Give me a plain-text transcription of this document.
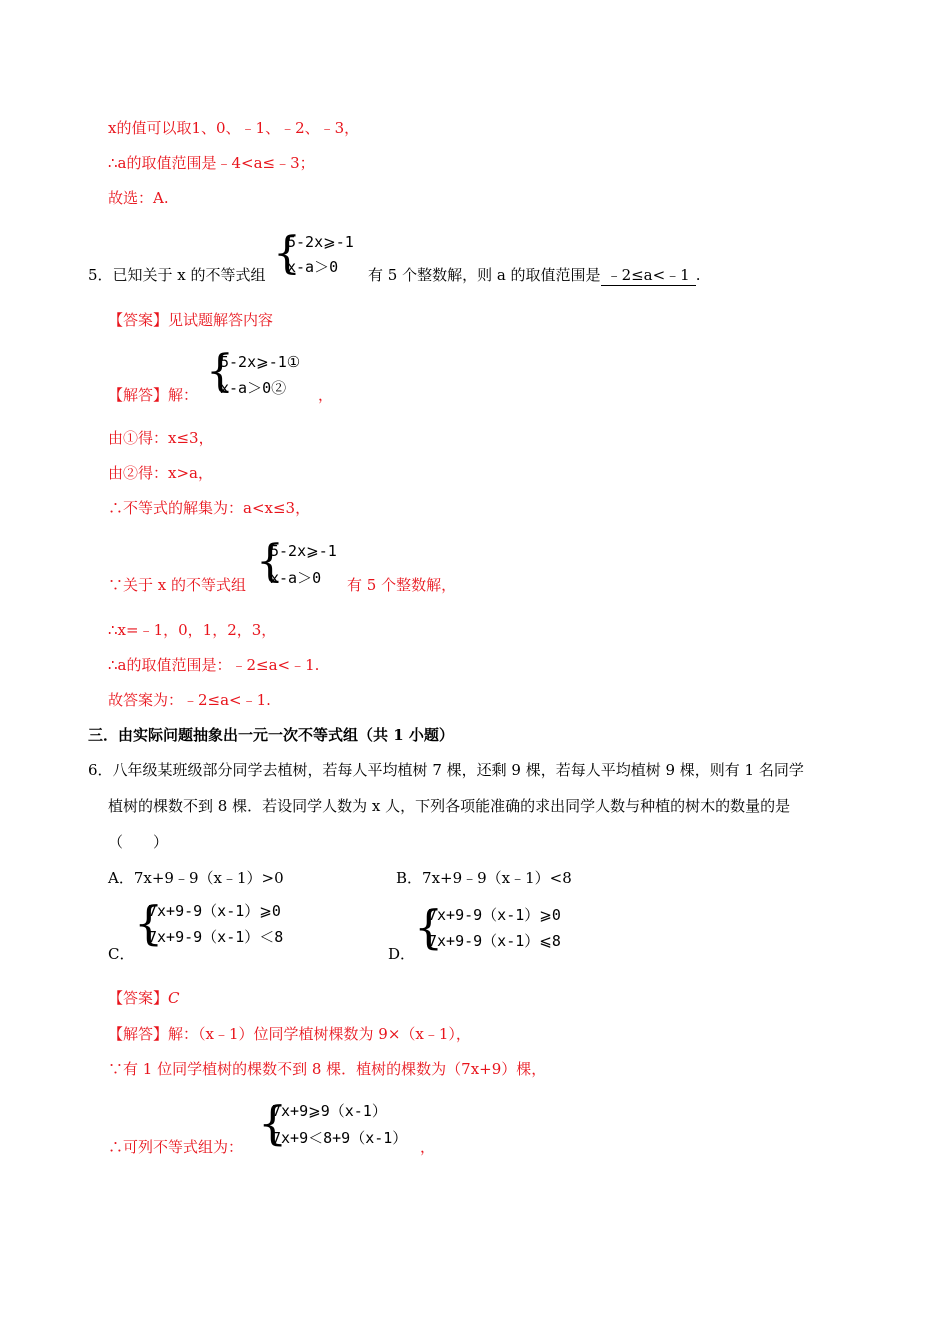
x的值可以取1、0、﹣1、﹣2、﹣3，
∴a的取值范围是﹣4<a≤﹣3；
故选：A.
5．已知关于 x 的不等式组 {
5-2x⩾-1
x-a＞0 有 5 个整数解，则 a 的取值范围是 ﹣2≤a<﹣1 .
【答案】见试题解答内容
【解答】解： {
5-2x⩾-1①
x-a＞0② ，
由①得：x≤3，
由②得：x>a，
∴不等式的解集为：a<x≤3，
∵关于 x 的不等式组 {
5-2x⩾-1
x-a＞0 有 5 个整数解，
∴x=﹣1，0，1，2，3，
∴a的取值范围是：﹣2≤a<﹣1.
故答案为：﹣2≤a<﹣1.
三．由实际问题抽象出一元一次不等式组（共 1 小题）
6．八年级某班级部分同学去植树，若每人平均植树 7 棵，还剩 9 棵，若每人平均植树 9 棵，则有 1 名同学
植树的棵数不到 8 棵．若设同学人数为 x 人，下列各项能准确的求出同学人数与种植的树木的数量的是
（　　）
A．7x+9﹣9（x﹣1）>0	B．7x+9﹣9（x﹣1）<8
C．
{
7x+9-9（x-1）⩾0
7x+9-9（x-1）＜8
D．
{
7x+9-9（x-1）⩾0
7x+9-9（x-1）⩽8
【答案】C
【解答】解：（x﹣1）位同学植树棵数为 9×（x﹣1），
∵有 1 位同学植树的棵数不到 8 棵．植树的棵数为（7x+9）棵，
∴可列不等式组为： {
7x+9⩾9（x-1）
7x+9＜8+9（x-1） ，
